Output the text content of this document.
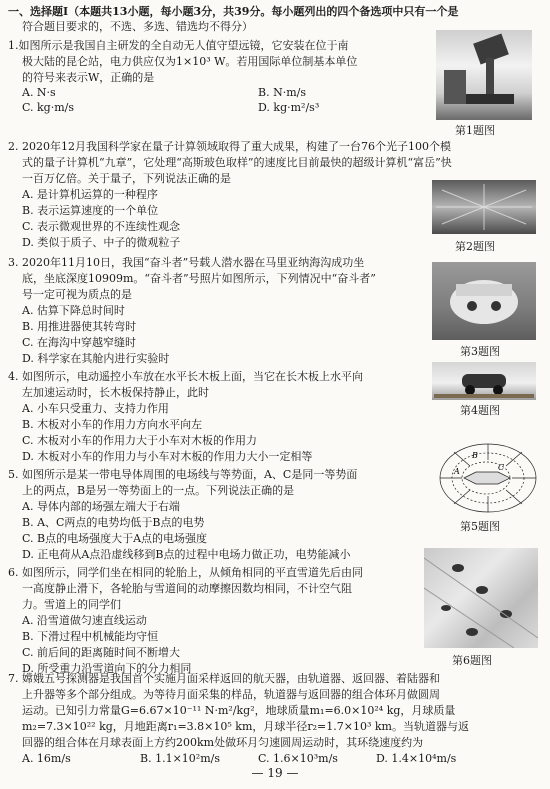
一、选择题Ⅰ（本题共13小题，每小题3分，共39分。每小题列出的四个备选项中只有一个是
符合题目要求的，不选、多选、错选均不得分）
1.如图所示是我国自主研发的全自动无人值守望远镜，它安装在位于南
极大陆的昆仑站，电力供应仅为1×10³ W。若用国际单位制基本单位
的符号来表示W，正确的是
A. N·s	B. N·m/s
C. kg·m/s	D. kg·m²/s³
第1题图
2. 2020年12月我国科学家在量子计算领域取得了重大成果，构建了一台76个光子100个模
式的量子计算机“九章”，它处理“高斯玻色取样”的速度比目前最快的超级计算机“富岳”快
一百万亿倍。关于量子，下列说法正确的是
A. 是计算机运算的一种程序
B. 表示运算速度的一个单位
C. 表示微观世界的不连续性观念
D. 类似于质子、中子的微观粒子	第2题图
3. 2020年11月10日，我国“奋斗者”号载人潜水器在马里亚纳海沟成功坐
底，坐底深度10909m。“奋斗者”号照片如图所示，下列情况中“奋斗者”
号一定可视为质点的是
A. 估算下降总时间时
B. 用推进器使其转弯时
C. 在海沟中穿越窄缝时
D. 科学家在其舱内进行实验时
第3题图
4. 如图所示，电动遥控小车放在水平长木板上面，当它在长木板上水平向
左加速运动时，长木板保持静止，此时
A. 小车只受重力、支持力作用
B. 木板对小车的作用力方向水平向左
C. 木板对小车的作用力大于小车对木板的作用力
D. 木板对小车的作用力与小车对木板的作用力大小一定相等
第4题图
5. 如图所示是某一带电导体周围的电场线与等势面，A、C是同一等势面
上的两点，B是另一等势面上的一点。下列说法正确的是
A. 导体内部的场强左端大于右端
B. A、C两点的电势均低于B点的电势
C. B点的电场强度大于A点的电场强度
D. 正电荷从A点沿虚线移到B点的过程中电场力做正功，电势能减小
A
B
C
第5题图
6. 如图所示，同学们坐在相同的轮胎上，从倾角相同的平直雪道先后由同
一高度静止滑下，各轮胎与雪道间的动摩擦因数均相同，不计空气阻
力。雪道上的同学们
A. 沿雪道做匀速直线运动
B. 下滑过程中机械能均守恒
C. 前后间的距离随时间不断增大
D. 所受重力沿雪道向下的分力相同
第6题图
7. 嫦娥五号探测器是我国首个实施月面采样返回的航天器，由轨道器、返回器、着陆器和
上升器等多个部分组成。为等待月面采集的样品，轨道器与返回器的组合体环月做圆周
运动。已知引力常量G=6.67×10⁻¹¹ N·m²/kg²，地球质量m₁=6.0×10²⁴ kg，月球质量
m₂=7.3×10²² kg，月地距离r₁=3.8×10⁵ km，月球半径r₂=1.7×10³ km。当轨道器与返
回器的组合体在月球表面上方约200km处做环月匀速圆周运动时，其环绕速度约为
A. 16m/s	B. 1.1×10²m/s	C. 1.6×10³m/s	D. 1.4×10⁴m/s
— 19 —
